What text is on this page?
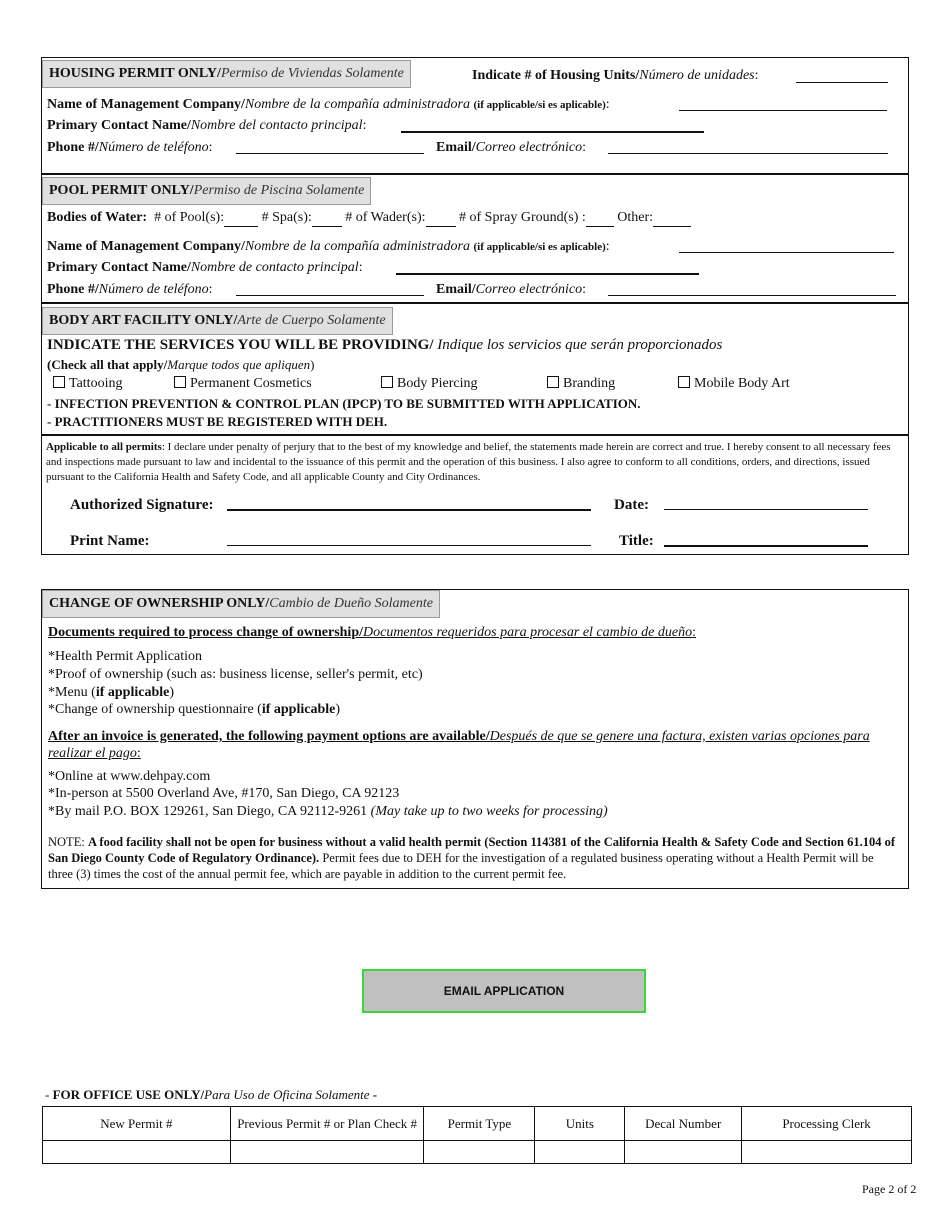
HOUSING PERMIT ONLY/Permiso de Viviendas Solamente	Indicate # of Housing Units/Número de unidades:
Name of Management Company/Nombre de la compañía administradora (if applicable/si es aplicable):
Primary Contact Name/Nombre del contacto principal:
Phone #/Número de teléfono:	Email/Correo electrónico:
POOL PERMIT ONLY/Permiso de Piscina Solamente
Bodies of Water: # of Pool(s):	# Spa(s): # of Wader(s): # of Spray Ground(s) : Other:
Name of Management Company/Nombre de la compañía administradora (if applicable/si es aplicable):
Primary Contact Name/Nombre de contacto principal:
Phone #/Número de teléfono:	Email/Correo electrónico:
BODY ART FACILITY ONLY/Arte de Cuerpo Solamente
INDICATE THE SERVICES YOU WILL BE PROVIDING/ Indique los servicios que serán proporcionados
(Check all that apply/Marque todos que apliquen)
Tattooing	Permanent Cosmetics	Body Piercing	Branding	Mobile Body Art
- INFECTION PREVENTION & CONTROL PLAN (IPCP) TO BE SUBMITTED WITH APPLICATION.
- PRACTITIONERS MUST BE REGISTERED WITH DEH.
Applicable to all permits: I declare under penalty of perjury that to the best of my knowledge and belief, the statements made herein are correct and true. I hereby consent to all necessary fees and inspections made pursuant to law and incidental to the issuance of this permit and the operation of this business. I also agree to conform to all conditions, orders, and directions, issued pursuant to the California Health and Safety Code, and all applicable County and City Ordinances.
Authorized Signature:	Date:
Print Name:	Title:
CHANGE OF OWNERSHIP ONLY/Cambio de Dueño Solamente
Documents required to process change of ownership/Documentos requeridos para procesar el cambio de dueño:
*Health Permit Application
*Proof of ownership (such as: business license, seller's permit, etc)
*Menu (if applicable)
*Change of ownership questionnaire (if applicable)
After an invoice is generated, the following payment options are available/Después de que se genere una factura, existen varias opciones para realizar el pago:
*Online at www.dehpay.com
*In-person at 5500 Overland Ave, #170, San Diego, CA 92123
*By mail P.O. BOX 129261, San Diego, CA 92112-9261 (May take up to two weeks for processing)
NOTE: A food facility shall not be open for business without a valid health permit (Section 114381 of the California Health & Safety Code and Section 61.104 of San Diego County Code of Regulatory Ordinance). Permit fees due to DEH for the investigation of a regulated business operating without a Health Permit will be three (3) times the cost of the annual permit fee, which are payable in addition to the current permit fee.
EMAIL APPLICATION
- FOR OFFICE USE ONLY/Para Uso de Oficina Solamente -
New Permit #	Previous Permit # or Plan Check #	Permit Type	Units	Decal Number	Processing Clerk

Page 2 of 2
